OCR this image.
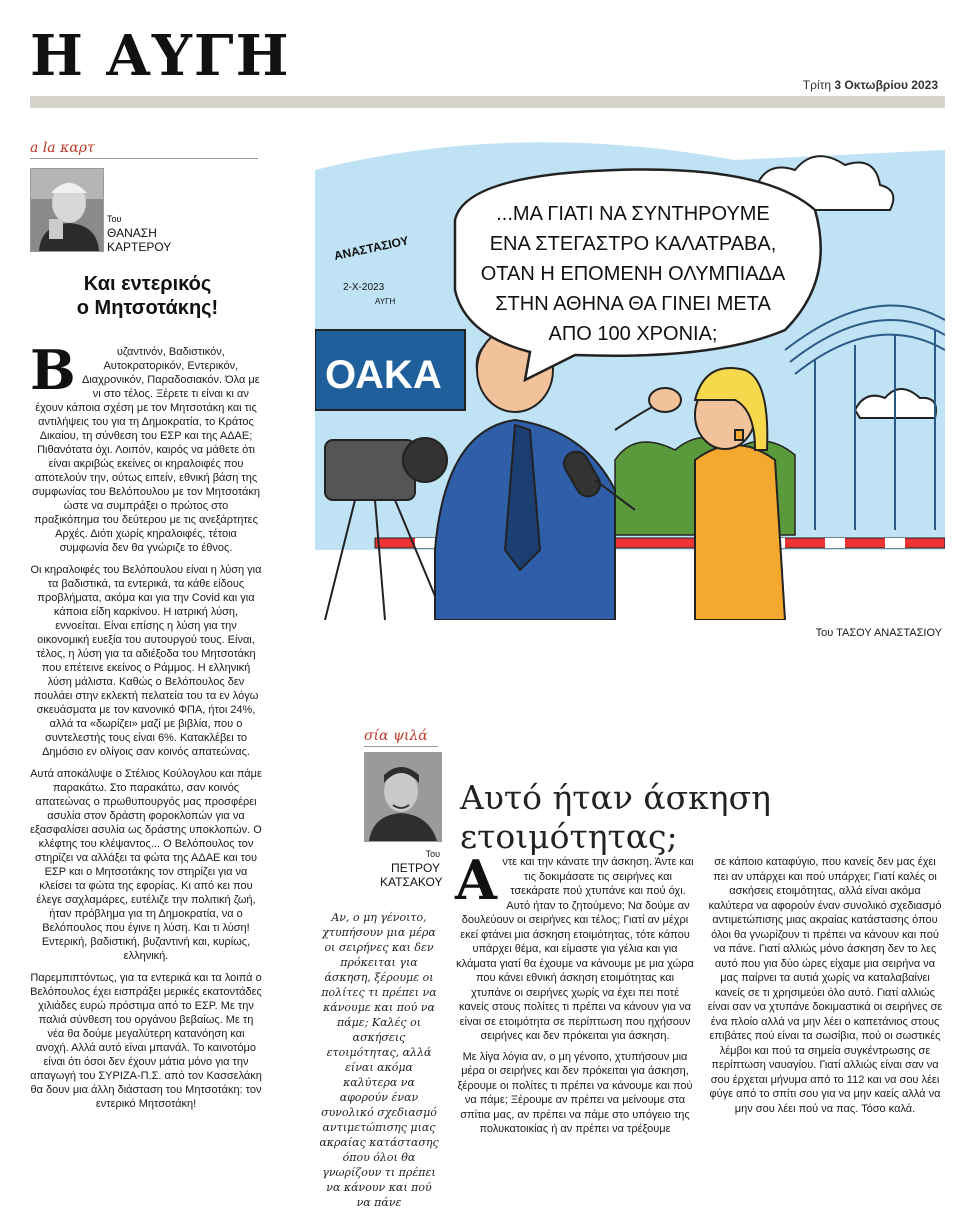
Η ΑΥΓΗ	Τρίτη 3 Οκτωβρίου 2023
a la καρτ
Του
ΘΑΝΑΣΗ
ΚΑΡΤΕΡΟΥ
Και εντερικός
ο Μητσοτάκης!

Β	υζαντινόν, Βαδιστικόν, Αυτοκρατορικόν, Εντερικόν, Διαχρονικόν, Παραδοσιακόν. Όλα με νι στο τέλος. Ξέρετε τι είναι κι αν έχουν κάποια σχέση με τον Μητσοτάκη και τις αντιλήψεις του για τη Δημοκρατία, το Κράτος Δικαίου, τη σύνθεση του ΕΣΡ και της ΑΔΑΕ; Πιθανότατα όχι. Λοιπόν, καιρός να μάθετε ότι είναι ακριβώς εκείνες οι κηραλοιφές που αποτελούν την, ούτως ειπείν, εθνική βάση της συμφωνίας του Βελόπουλου με τον Μητσοτάκη ώστε να συμπράξει ο πρώτος στο πραξικόπημα του δεύτερου με τις ανεξάρτητες Αρχές. Διότι χωρίς κηραλοιφές, τέτοια συμφωνία δεν θα γνώριζε το έθνος.

Οι κηραλοιφές του Βελόπουλου είναι η λύση για τα βαδιστικά, τα εντερικά, τα κάθε είδους προβλήματα, ακόμα και για την Covid και για κάποια είδη καρκίνου. Η ιατρική λύση, εννοείται. Είναι επίσης η λύση για την οικονομική ευεξία του αυτουργού τους. Είναι, τέλος, η λύση για τα αδιέξοδα του Μητσοτάκη που επέτεινε εκείνος ο Ράμμος. Η ελληνική λύση μάλιστα. Καθώς ο Βελόπουλος δεν πουλάει στην εκλεκτή πελατεία του τα εν λόγω σκευάσματα με τον κανονικό ΦΠΑ, ήτοι 24%, αλλά τα «δωρίζει» μαζί με βιβλία, που ο συντελεστής τους είναι 6%. Κατακλέβει το Δημόσιο εν ολίγοις σαν κοινός απατεώνας.

Αυτά αποκάλυψε ο Στέλιος Κούλογλου και πάμε παρακάτω. Στο παρακάτω, σαν κοινός απατεώνας ο πρωθυπουργός μας προσφέρει ασυλία στον δράστη φοροκλοπών για να εξασφαλίσει ασυλία ως δράστης υποκλοπών. Ο κλέφτης του κλέψαντος... Ο Βελόπουλος τον στηρίζει να αλλάξει τα φώτα της ΑΔΑΕ και του ΕΣΡ και ο Μητσοτάκης τον στηρίζει για να κλείσει τα φώτα της εφορίας. Κι από κει που έλεγε σαχλαμάρες, ευτέλιζε την πολιτική ζωή, ήταν πρόβλημα για τη Δημοκρατία, να ο Βελόπουλος που έγινε η λύση. Και τι λύση! Εντερική, βαδιστική, βυζαντινή και, κυρίως, ελληνική.

Παρεμπιπτόντως, για τα εντερικά και τα λοιπά ο Βελόπουλος έχει εισπράξει μερικές εκατοντάδες χιλιάδες ευρώ πρόστιμα από το ΕΣΡ. Με την παλιά σύνθεση του οργάνου βεβαίως. Με τη νέα θα δούμε μεγαλύτερη κατανόηση και ανοχή. Αλλά αυτό είναι μπανάλ. Το καινοτόμο είναι ότι όσοι δεν έχουν μάτια μόνο για την απαγωγή του ΣΥΡΙΖΑ-Π.Σ. από τον Κασσελάκη θα δουν μια άλλη διάσταση του Μητσοτάκη: τον εντερικό Μητσοτάκη!

ΟΑΚΑ
...ΜΑ ΓΙΑΤΙ ΝΑ ΣΥΝΤΗΡΟΥΜΕ
ΕΝΑ ΣΤΕΓΑΣΤΡΟ ΚΑΛΑΤΡΑΒΑ,
ΟΤΑΝ Η ΕΠΟΜΕΝΗ ΟΛΥΜΠΙΑΔΑ
ΣΤΗΝ ΑΘΗΝΑ ΘΑ ΓΙΝΕΙ ΜΕΤΑ
ΑΠΟ 100 ΧΡΟΝΙΑ;
ΑΝΑΣΤΑΣΙΟΥ
2-X-2023
ΑΥΓΗ
Του ΤΑΣΟΥ ΑΝΑΣΤΑΣΙΟΥ
σία ψιλά
Του
ΠΕΤΡΟΥ
ΚΑΤΣΑΚΟΥ
Αυτό ήταν άσκηση ετοιμότητας;
Αν, ο μη γένοιτο, χτυπήσουν μια μέρα οι σειρήνες και δεν πρόκειται για άσκηση, ξέρουμε οι πολίτες τι πρέπει να κάνουμε και πού να πάμε; Καλές οι ασκήσεις ετοιμότητας, αλλά είναι ακόμα καλύτερα να αφορούν έναν συνολικό σχεδιασμό αντιμετώπισης μιας ακραίας κατάστασης όπου όλοι θα γνωρίζουν τι πρέπει να κάνουν και πού να πάνε

Αντε και την κάνατε την άσκηση. Άντε και τις δοκιμάσατε τις σειρήνες και τσεκάρατε πού χτυπάνε και πού όχι. Αυτό ήταν το ζητούμενο; Να δούμε αν δουλεύουν οι σειρήνες και τέλος; Γιατί αν μέχρι εκεί φτάνει μια άσκηση ετοιμότητας, τότε κάπου υπάρχει θέμα, και είμαστε για γέλια και για κλάματα γιατί θα έχουμε να κάνουμε με μια χώρα που κάνει εθνική άσκηση ετοιμότητας και χτυπάνε οι σειρήνες χωρίς να έχει πει ποτέ κανείς στους πολίτες τι πρέπει να κάνουν για να είναι σε ετοιμότητα σε περίπτωση που ηχήσουν σειρήνες και δεν πρόκειται για άσκηση.

Με λίγα λόγια αν, ο μη γένοιτο, χτυπήσουν μια μέρα οι σειρήνες και δεν πρόκειται για άσκηση, ξέρουμε οι πολίτες τι πρέπει να κάνουμε και πού να πάμε; Ξέρουμε αν πρέπει να μείνουμε στα σπίτια μας, αν πρέπει να πάμε στο υπόγειο της πολυκατοικίας ή αν πρέπει να τρέξουμε

σε κάποιο καταφύγιο, που κανείς δεν μας έχει πει αν υπάρχει και πού υπάρχει; Γιατί καλές οι ασκήσεις ετοιμότητας, αλλά είναι ακόμα καλύτερα να αφορούν έναν συνολικό σχεδιασμό αντιμετώπισης μιας ακραίας κατάστασης όπου όλοι θα γνωρίζουν τι πρέπει να κάνουν και πού να πάνε. Γιατί αλλιώς μόνο άσκηση δεν το λες αυτό που για δύο ώρες είχαμε μια σειρήνα να μας παίρνει τα αυτιά χωρίς να καταλαβαίνει κανείς σε τι χρησιμεύει όλο αυτό. Γιατί αλλιώς είναι σαν να χτυπάνε δοκιμαστικά οι σειρήνες σε ένα πλοίο αλλά να μην λέει ο καπετάνιος στους επιβάτες πού είναι τα σωσίβια, πού οι σωστικές λέμβοι και πού τα σημεία συγκέντρωσης σε περίπτωση ναυαγίου. Γιατί αλλιώς είναι σαν να σου έρχεται μήνυμα από το 112 και να σου λέει φύγε από το σπίτι σου για να μην καείς αλλά να μην σου λέει πού να πας. Τόσο καλά.
